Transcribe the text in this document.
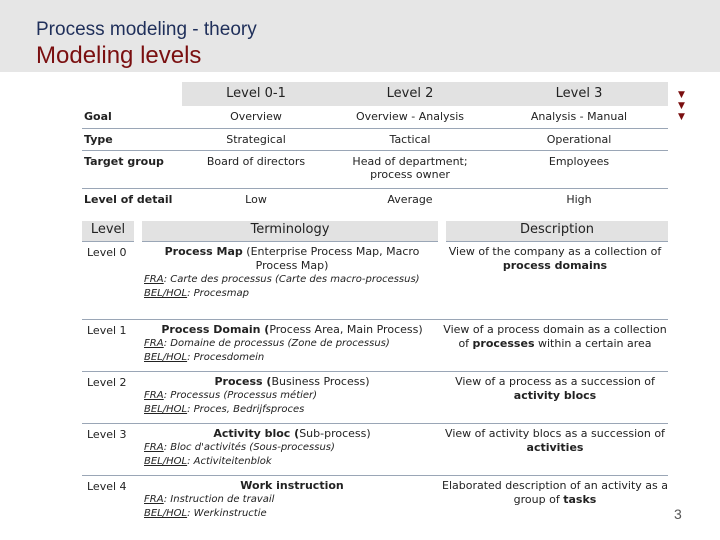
Process modeling - theory
Modeling levels
▼
▼
▼
	Level 0-1	Level 2	Level 3
Goal	Overview	Overview - Analysis	Analysis - Manual
Type	Strategical	Tactical	Operational
Target group	Board of directors	Head of department; process owner	Employees
Level of detail	Low	Average	High
Level	Terminology	Description
Level 0	Process Map (Enterprise Process Map, Macro Process Map)
FRA: Carte des processus (Carte des macro-processus)
BEL/HOL: Procesmap	View of the company as a collection of process domains
Level 1	Process Domain (Process Area, Main Process)
FRA: Domaine de processus (Zone de processus)
BEL/HOL: Procesdomein	View of a process domain as a collection of processes within a certain area
Level 2	Process (Business Process)
FRA: Processus (Processus métier)
BEL/HOL: Proces, Bedrijfsproces	View of a process as a succession of activity blocs
Level 3	Activity bloc (Sub-process)
FRA: Bloc d'activités (Sous-processus)
BEL/HOL: Activiteitenblok	View of activity blocs as a succession of activities
Level 4	Work instruction
FRA: Instruction de travail
BEL/HOL: Werkinstructie	Elaborated description of an activity as a group of tasks
3
